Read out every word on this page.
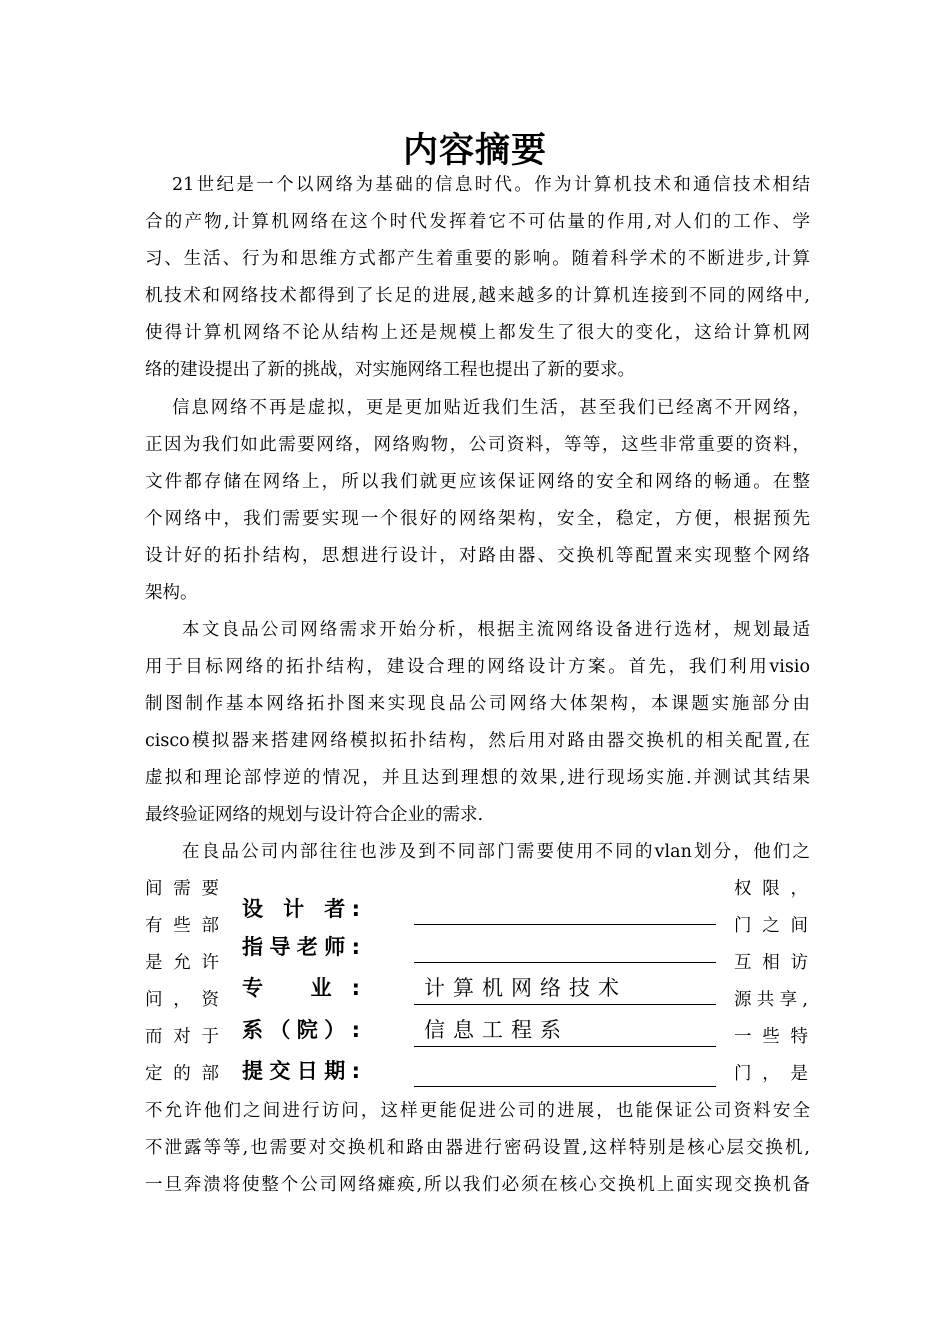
内容摘要
21世纪是一个以网络为基础的信息时代。作为计算机技术和通信技术相结
合的产物,计算机网络在这个时代发挥着它不可估量的作用,对人们的工作、学
习、生活、行为和思维方式都产生着重要的影响。随着科学术的不断进步,计算
机技术和网络技术都得到了长足的进展,越来越多的计算机连接到不同的网络中,
使得计算机网络不论从结构上还是规模上都发生了很大的变化，这给计算机网
络的建设提出了新的挑战，对实施网络工程也提出了新的要求。
信息网络不再是虚拟，更是更加贴近我们生活，甚至我们已经离不开网络，
正因为我们如此需要网络，网络购物，公司资料，等等，这些非常重要的资料，
文件都存储在网络上，所以我们就更应该保证网络的安全和网络的畅通。在整
个网络中，我们需要实现一个很好的网络架构，安全，稳定，方便，根据预先
设计好的拓扑结构，思想进行设计，对路由器、交换机等配置来实现整个网络
架构。
本文良品公司网络需求开始分析，根据主流网络设备进行选材，规划最适
用于目标网络的拓扑结构，建设合理的网络设计方案。首先，我们利用visio
制图制作基本网络拓扑图来实现良品公司网络大体架构，本课题实施部分由
cisco模拟器来搭建网络模拟拓扑结构，然后用对路由器交换机的相关配置,在
虚拟和理论部悖逆的情况，并且达到理想的效果,进行现场实施.并测试其结果
最终验证网络的规划与设计符合企业的需求.
在良品公司内部往往也涉及到不同部门需要使用不同的vlan划分，他们之
间需要
有些部
是允许
问，资
而对于
定的部
权限，
门之间
互相访
源共享,
一些特
门，是
不允许他们之间进行访问，这样更能促进公司的进展，也能保证公司资料安全
不泄露等等,也需要对交换机和路由器进行密码设置,这样特别是核心层交换机,
一旦奔溃将使整个公司网络瘫痪,所以我们必须在核心交换机上面实现交换机备
设 计 者:
指导老师:
专 业:	计算机网络技术
系（院）:	信息工程系
提交日期:
